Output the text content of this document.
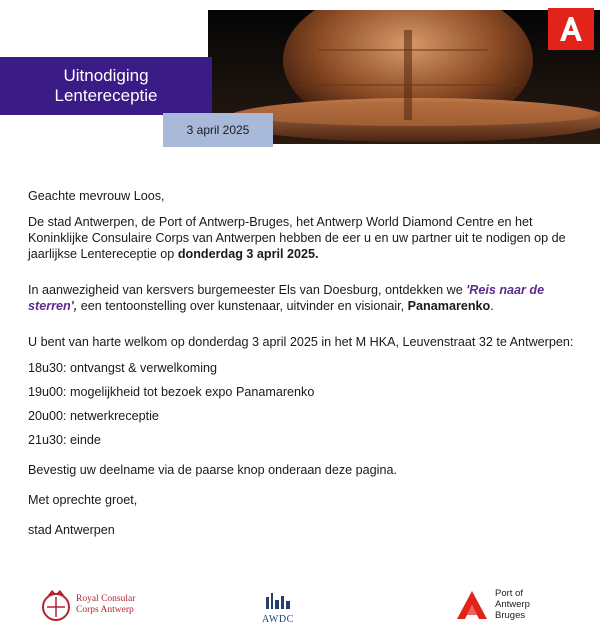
Uitnodiging
Lentereceptie
3 april 2025

Geachte mevrouw Loos,

De stad Antwerpen, de Port of Antwerp-Bruges, het Antwerp World Diamond Centre en het Koninklijke Consulaire Corps van Antwerpen hebben de eer u en uw partner uit te nodigen op de jaarlijkse Lentereceptie op donderdag 3 april 2025.

In aanwezigheid van kersvers burgemeester Els van Doesburg, ontdekken we 'Reis naar de sterren', een tentoonstelling over kunstenaar, uitvinder en visionair, Panamarenko.

U bent van harte welkom op donderdag 3 april 2025 in het M HKA, Leuvenstraat 32 te Antwerpen:

18u30: ontvangst & verwelkoming

19u00: mogelijkheid tot bezoek expo Panamarenko

20u00: netwerkreceptie

21u30: einde

Bevestig uw deelname via de paarse knop onderaan deze pagina.

Met oprechte groet,

stad Antwerpen

Royal Consular
Corps Antwerp
AWDC
Port of
Antwerp
Bruges
